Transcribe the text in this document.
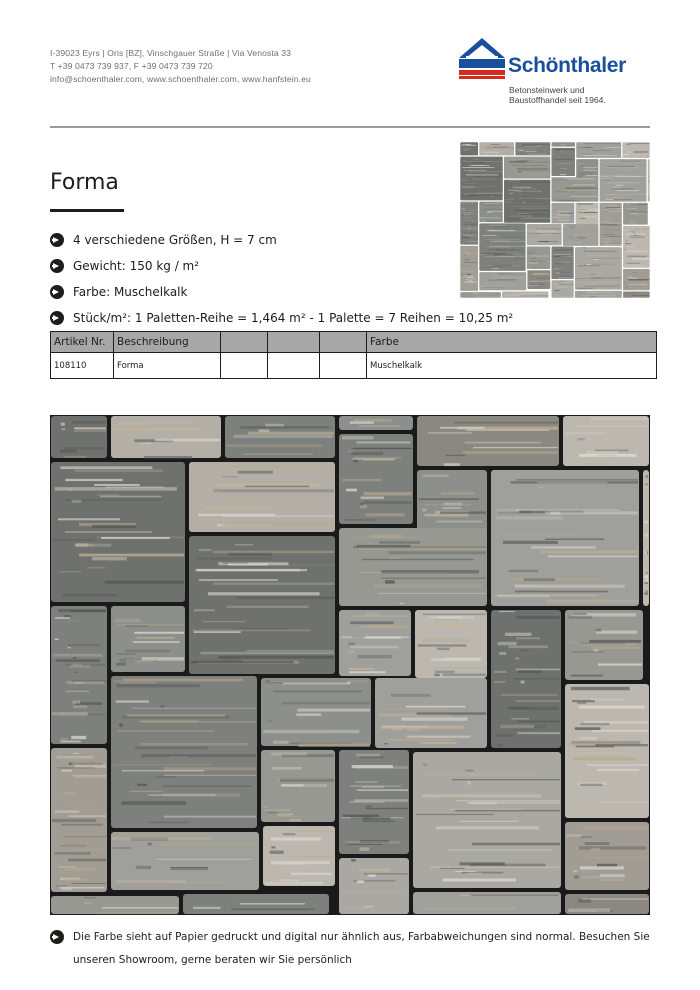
I-39023 Eyrs | Oris [BZ], Vinschgauer Straße | Via Venosta 33
T +39 0473 739 937, F +39 0473 739 720
info@schoenthaler.com, www.schoenthaler.com, www.hanfstein.eu
Schönthaler
Betonsteinwerk und
Baustoffhandel seit 1964.
Forma
4 verschiedene Größen, H = 7 cm
Gewicht: 150 kg / m²
Farbe: Muschelkalk
Stück/m²: 1 Paletten-Reihe = 1,464 m² - 1 Palette = 7 Reihen = 10,25 m²
Artikel Nr.	Beschreibung				Farbe
108110	Forma				Muschelkalk
Die Farbe sieht auf Papier gedruckt und digital nur ähnlich aus, Farbabweichungen sind normal. Besuchen Sie
unseren Showroom, gerne beraten wir Sie persönlich
